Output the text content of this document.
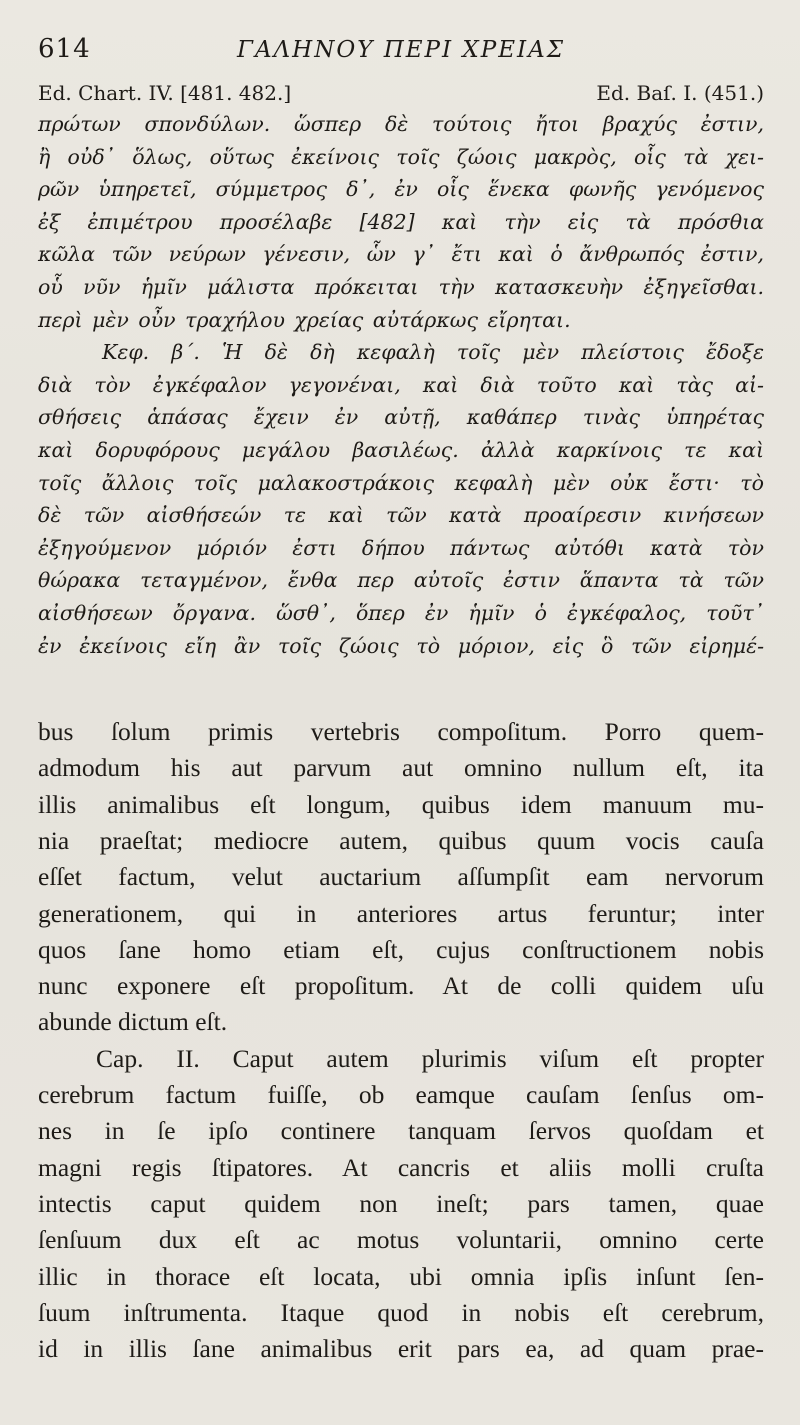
614	ΓΑΛΗΝΟΥ ΠΕΡΙ ΧΡΕΙΑΣ
Ed. Chart. IV. [481. 482.]	Ed. Baſ. I. (451.)

πρώτων σπονδύλων. ὥσπερ δὲ τούτοις ἤτοι βραχύς ἐστιν,

ἢ οὐδ᾽ ὅλως, οὕτως ἐκείνοις τοῖς ζώοις μακρὸς, οἷς τὰ χει-

ρῶν ὑπηρετεῖ, σύμμετρος δ᾽, ἐν οἷς ἕνεκα φωνῆς γενόμενος

ἐξ ἐπιμέτρου προσέλαβε [482] καὶ τὴν εἰς τὰ πρόσθια

κῶλα τῶν νεύρων γένεσιν, ὧν γ᾽ ἔτι καὶ ὁ ἄνθρωπός ἐστιν,

οὗ νῦν ἡμῖν μάλιστα πρόκειται τὴν κατασκευὴν ἐξηγεῖσθαι.

περὶ μὲν οὖν τραχήλου χρείας αὐτάρκως εἴρηται.

Κεφ. β΄. Ἡ δὲ δὴ κεφαλὴ τοῖς μὲν πλείστοις ἔδοξε

διὰ τὸν ἐγκέφαλον γεγονέναι, καὶ διὰ τοῦτο καὶ τὰς αἰ-

σθήσεις ἁπάσας ἔχειν ἐν αὐτῇ, καθάπερ τινὰς ὑπηρέτας

καὶ δορυφόρους μεγάλου βασιλέως. ἀλλὰ καρκίνοις τε καὶ

τοῖς ἄλλοις τοῖς μαλακοστράκοις κεφαλὴ μὲν οὐκ ἔστι· τὸ

δὲ τῶν αἰσθήσεών τε καὶ τῶν κατὰ προαίρεσιν κινήσεων

ἐξηγούμενον μόριόν ἐστι δήπου πάντως αὐτόθι κατὰ τὸν

θώρακα τεταγμένον, ἔνθα περ αὐτοῖς ἐστιν ἅπαντα τὰ τῶν

αἰσθήσεων ὄργανα. ὥσθ᾽, ὅπερ ἐν ἡμῖν ὁ ἐγκέφαλος, τοῦτ᾽

ἐν ἐκείνοις εἴη ἂν τοῖς ζώοις τὸ μόριον, εἰς ὃ τῶν εἰρημέ-

bus ſolum primis vertebris compoſitum. Porro quem-

admodum his aut parvum aut omnino nullum eſt, ita

illis animalibus eſt longum, quibus idem manuum mu-

nia praeſtat; mediocre autem, quibus quum vocis cauſa

eſſet factum, velut auctarium aſſumpſit eam nervorum

generationem, qui in anteriores artus feruntur; inter

quos ſane homo etiam eſt, cujus conſtructionem nobis

nunc exponere eſt propoſitum. At de colli quidem uſu

abunde dictum eſt.

Cap. II. Caput autem plurimis viſum eſt propter

cerebrum factum fuiſſe, ob eamque cauſam ſenſus om-

nes in ſe ipſo continere tanquam ſervos quoſdam et

magni regis ſtipatores. At cancris et aliis molli cruſta

intectis caput quidem non ineſt; pars tamen, quae

ſenſuum dux eſt ac motus voluntarii, omnino certe

illic in thorace eſt locata, ubi omnia ipſis inſunt ſen-

ſuum inſtrumenta. Itaque quod in nobis eſt cerebrum,

id in illis ſane animalibus erit pars ea, ad quam prae-
